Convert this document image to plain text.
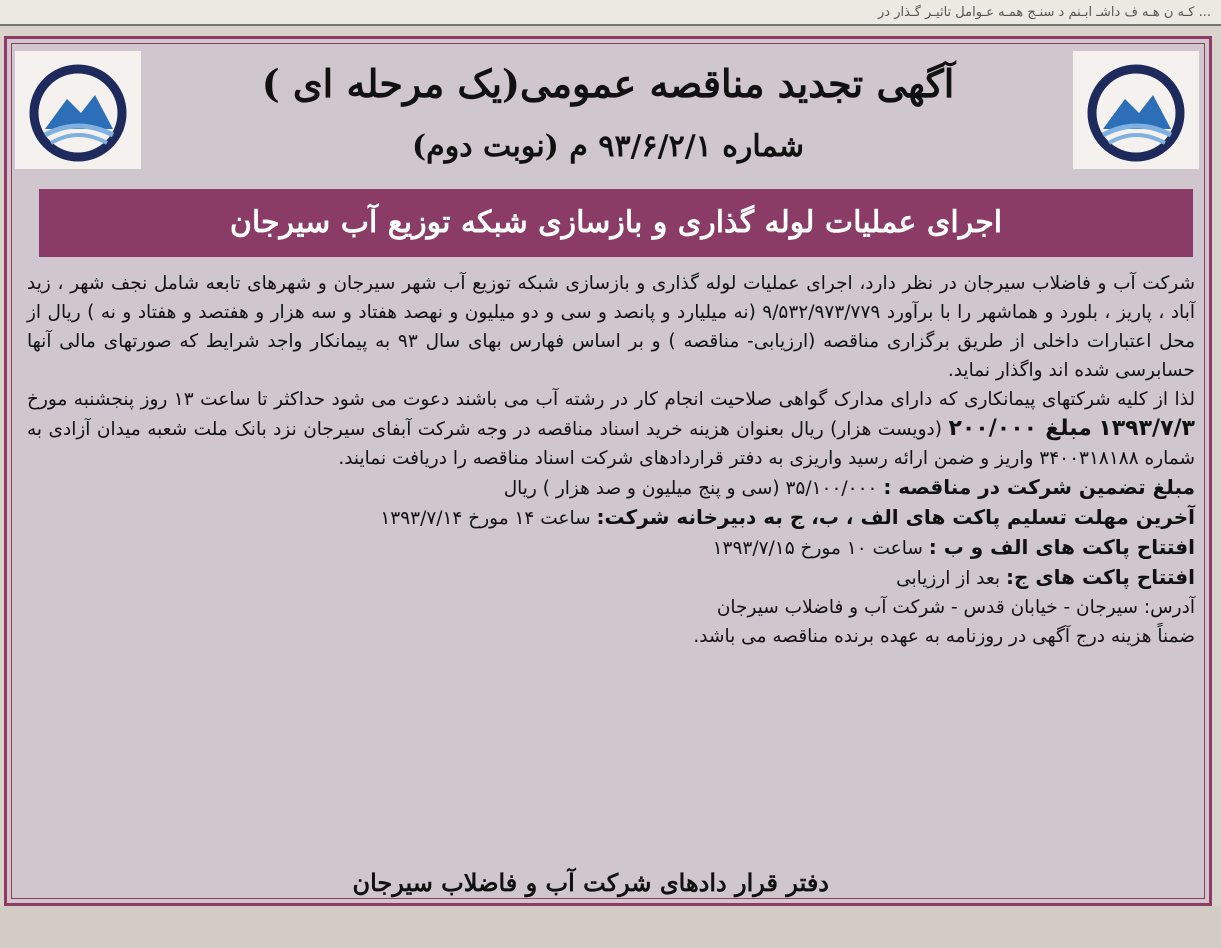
... کـه ن هـه ف داشـ ابـنم د سنـج همـه عـوامل تاثیـر گـذار در
آگهی تجدید مناقصه عمومی(یک مرحله ای )
شماره ۹۳/۶/۲/۱ م (نوبت دوم)
اجرای عملیات لوله گذاری و بازسازی شبکه توزیع آب سیرجان

شرکت آب و فاضلاب سیرجان در نظر دارد، اجرای عملیات لوله گذاری و بازسازی شبکه توزیع آب شهر سیرجان و شهرهای تابعه شامل نجف شهر ، زید آباد ، پاریز ، بلورد و هماشهر را با برآورد ۹/۵۳۲/۹۷۳/۷۷۹ (نه میلیارد و پانصد و سی و دو میلیون و نهصد هفتاد و سه هزار و هفتصد و هفتاد و نه ) ریال از محل اعتبارات داخلی از طریق برگزاری مناقصه (ارزیابی- مناقصه ) و بر اساس فهارس بهای سال ۹۳ به پیمانکار واجد شرایط که صورتهای مالی آنها حسابرسی شده اند واگذار نماید.

لذا از کلیه شرکتهای پیمانکاری که دارای مدارک گواهی صلاحیت انجام کار در رشته آب می باشند دعوت می شود حداکثر تا ساعت ۱۳ روز پنجشنبه مورخ ۱۳۹۳/۷/۳ مبلغ ۲۰۰/۰۰۰ (دویست هزار) ریال بعنوان هزینه خرید اسناد مناقصه در وجه شرکت آبفای سیرجان نزد بانک ملت شعبه میدان آزادی به شماره ۳۴۰۰۳۱۸۱۸۸ واریز و ضمن ارائه رسید واریزی به دفتر قراردادهای شرکت اسناد مناقصه را دریافت نمایند.

مبلغ تضمین شرکت در مناقصه : ۳۵/۱۰۰/۰۰۰ (سی و پنج میلیون و صد هزار ) ریال

آخرین مهلت تسلیم پاکت های الف ، ب، ج به دبیرخانه شرکت: ساعت ۱۴ مورخ ۱۳۹۳/۷/۱۴

افتتاح پاکت های الف و ب : ساعت ۱۰ مورخ ۱۳۹۳/۷/۱۵

افتتاح پاکت های ج: بعد از ارزیابی

آدرس: سیرجان - خیابان قدس - شرکت آب و فاضلاب سیرجان

ضمناً هزینه درج آگهی در روزنامه به عهده برنده مناقصه می باشد.

دفتر قرار دادهای شرکت آب و فاضلاب سیرجان
